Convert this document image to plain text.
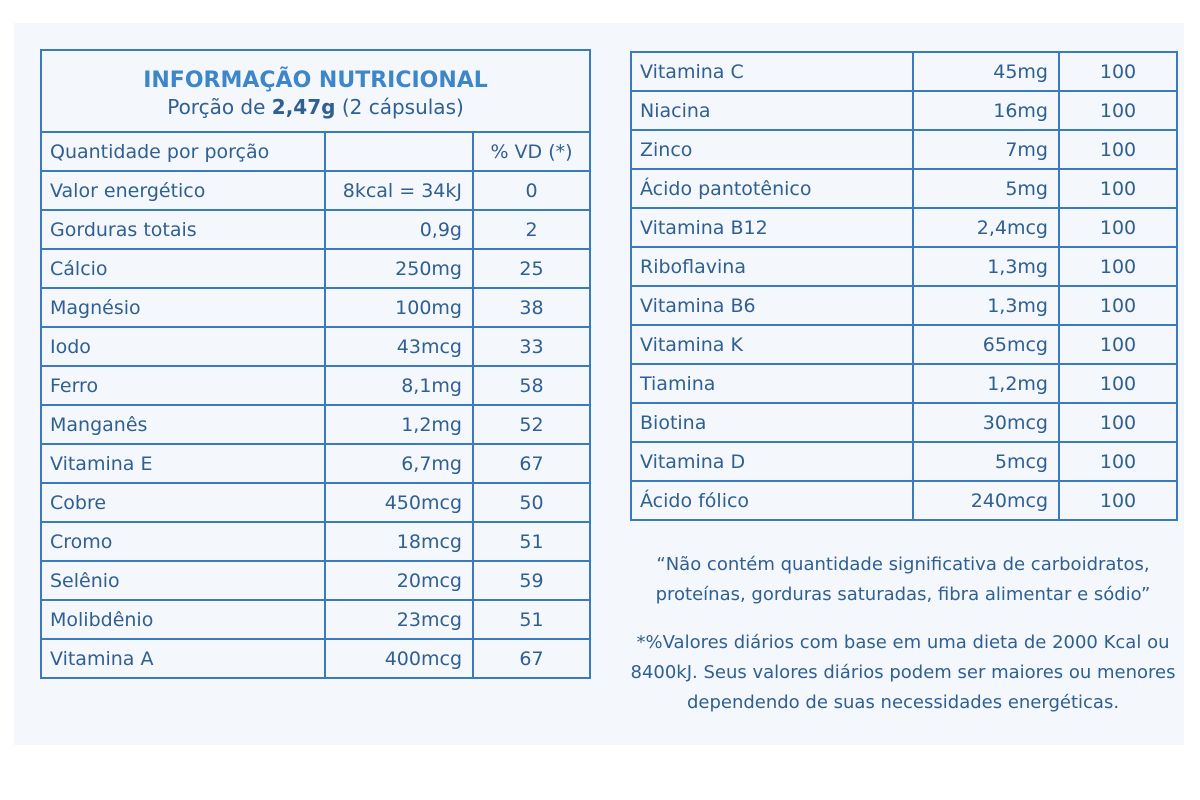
INFORMAÇÃO NUTRICIONAL
Porção de 2,47g (2 cápsulas)		

Quantidade por porção		% VD (*)
Valor energético	8kcal = 34kJ	0
Gorduras totais	0,9g	2
Cálcio	250mg	25
Magnésio	100mg	38
Iodo	43mcg	33
Ferro	8,1mg	58
Manganês	1,2mg	52
Vitamina E	6,7mg	67
Cobre	450mcg	50
Cromo	18mcg	51
Selênio	20mcg	59
Molibdênio	23mcg	51
Vitamina A	400mcg	67
Vitamina C	45mg	100
Niacina	16mg	100
Zinco	7mg	100
Ácido pantotênico	5mg	100
Vitamina B12	2,4mcg	100
Riboflavina	1,3mg	100
Vitamina B6	1,3mg	100
Vitamina K	65mcg	100
Tiamina	1,2mg	100
Biotina	30mcg	100
Vitamina D	5mcg	100
Ácido fólico	240mcg	100

“Não contém quantidade significativa de carboidratos, proteínas, gorduras saturadas, fibra alimentar e sódio”

*%Valores diários com base em uma dieta de 2000 Kcal ou 8400kJ. Seus valores diários podem ser maiores ou menores dependendo de suas necessidades energéticas.
